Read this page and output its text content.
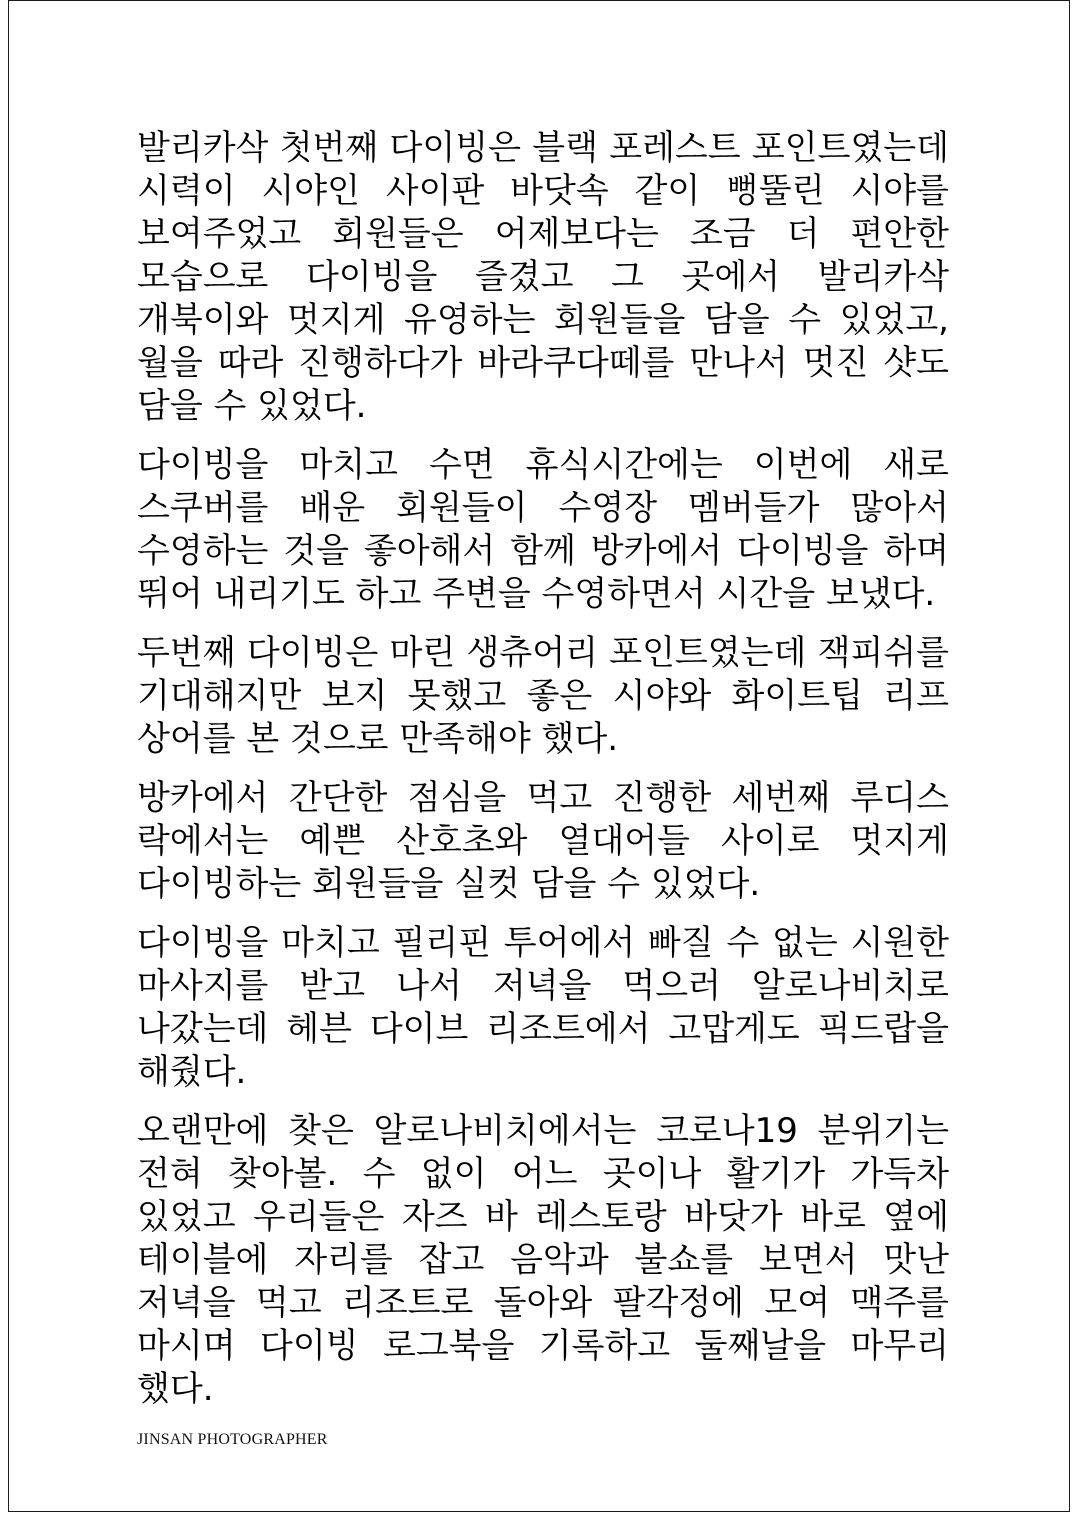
발리카삭 첫번째 다이빙은 블랙 포레스트 포인트였는데 시력이 시야인 사이판 바닷속 같이 뻥뚤린 시야를 보여주었고 회원들은 어제보다는 조금 더 편안한 모습으로 다이빙을 즐겼고 그 곳에서 발리카삭 개북이와 멋지게 유영하는 회원들을 담을 수 있었고, 월을 따라 진행하다가 바라쿠다떼를 만나서 멋진 샷도 담을 수 있었다.

다이빙을 마치고 수면 휴식시간에는 이번에 새로 스쿠버를 배운 회원들이 수영장 멤버들가 많아서 수영하는 것을 좋아해서 함께 방카에서 다이빙을 하며 뛰어 내리기도 하고 주변을 수영하면서 시간을 보냈다.

두번째 다이빙은 마린 생츄어리 포인트였는데 잭피쉬를 기대해지만 보지 못했고 좋은 시야와 화이트팁 리프 상어를 본 것으로 만족해야 했다.

방카에서 간단한 점심을 먹고 진행한 세번째 루디스 락에서는 예쁜 산호초와 열대어들 사이로 멋지게 다이빙하는 회원들을 실컷 담을 수 있었다.

다이빙을 마치고 필리핀 투어에서 빠질 수 없는 시원한 마사지를 받고 나서 저녁을 먹으러 알로나비치로 나갔는데 헤븐 다이브 리조트에서 고맙게도 픽드랍을 해줬다.

오랜만에 찾은 알로나비치에서는 코로나19 분위기는 전혀 찾아볼. 수 없이 어느 곳이나 활기가 가득차 있었고 우리들은 자즈 바 레스토랑 바닷가 바로 옆에 테이블에 자리를 잡고 음악과 불쇼를 보면서 맛난 저녁을 먹고 리조트로 돌아와 팔각정에 모여 맥주를 마시며 다이빙 로그북을 기록하고 둘째날을 마무리 했다.

JINSAN PHOTOGRAPHER
